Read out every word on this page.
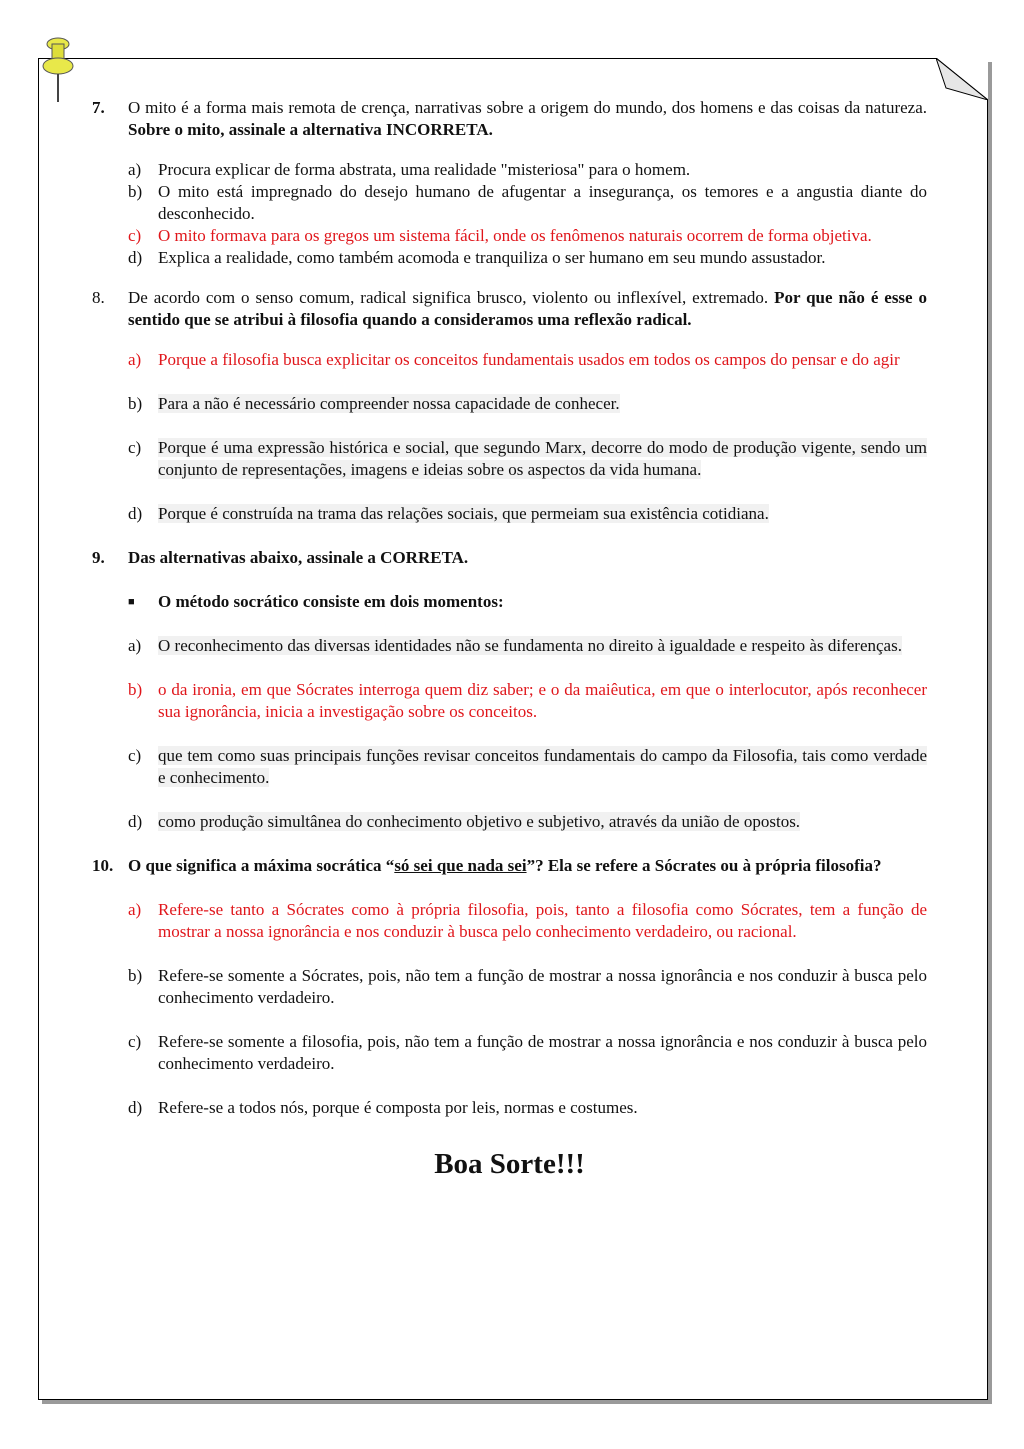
7.	O mito é a forma mais remota de crença, narrativas sobre a origem do mundo, dos homens e das coisas da natureza. Sobre o mito, assinale a alternativa INCORRETA.
a) Procura explicar de forma abstrata, uma realidade "misteriosa" para o homem.
b) O mito está impregnado do desejo humano de afugentar a insegurança, os temores e a angustia diante do desconhecido.
c) O mito formava para os gregos um sistema fácil, onde os fenômenos naturais ocorrem de forma objetiva.
d) Explica a realidade, como também acomoda e tranquiliza o ser humano em seu mundo assustador.
8.	De acordo com o senso comum, radical significa brusco, violento ou inflexível, extremado. Por que não é esse o sentido que se atribui à filosofia quando a consideramos uma reflexão radical.
a) Porque a filosofia busca explicitar os conceitos fundamentais usados em todos os campos do pensar e do agir
b) Para a não é necessário compreender nossa capacidade de conhecer.
c) Porque é uma expressão histórica e social, que segundo Marx, decorre do modo de produção vigente, sendo um conjunto de representações, imagens e ideias sobre os aspectos da vida humana.
d) Porque é construída na trama das relações sociais, que permeiam sua existência cotidiana.
9.	Das alternativas abaixo, assinale a CORRETA.
■	O método socrático consiste em dois momentos:
a) O reconhecimento das diversas identidades não se fundamenta no direito à igualdade e respeito às diferenças.
b) o da ironia, em que Sócrates interroga quem diz saber; e o da maiêutica, em que o interlocutor, após reconhecer sua ignorância, inicia a investigação sobre os conceitos.
c) que tem como suas principais funções revisar conceitos fundamentais do campo da Filosofia, tais como verdade e conhecimento.
d) como produção simultânea do conhecimento objetivo e subjetivo, através da união de opostos.
10. O que significa a máxima socrática “só sei que nada sei”? Ela se refere a Sócrates ou à própria filosofia?
a) Refere-se tanto a Sócrates como à própria filosofia, pois, tanto a filosofia como Sócrates, tem a função de mostrar a nossa ignorância e nos conduzir à busca pelo conhecimento verdadeiro, ou racional.
b) Refere-se somente a Sócrates, pois, não tem a função de mostrar a nossa ignorância e nos conduzir à busca pelo conhecimento verdadeiro.
c) Refere-se somente a filosofia, pois, não tem a função de mostrar a nossa ignorância e nos conduzir à busca pelo conhecimento verdadeiro.
d) Refere-se a todos nós, porque é composta por leis, normas e costumes.
Boa Sorte!!!
